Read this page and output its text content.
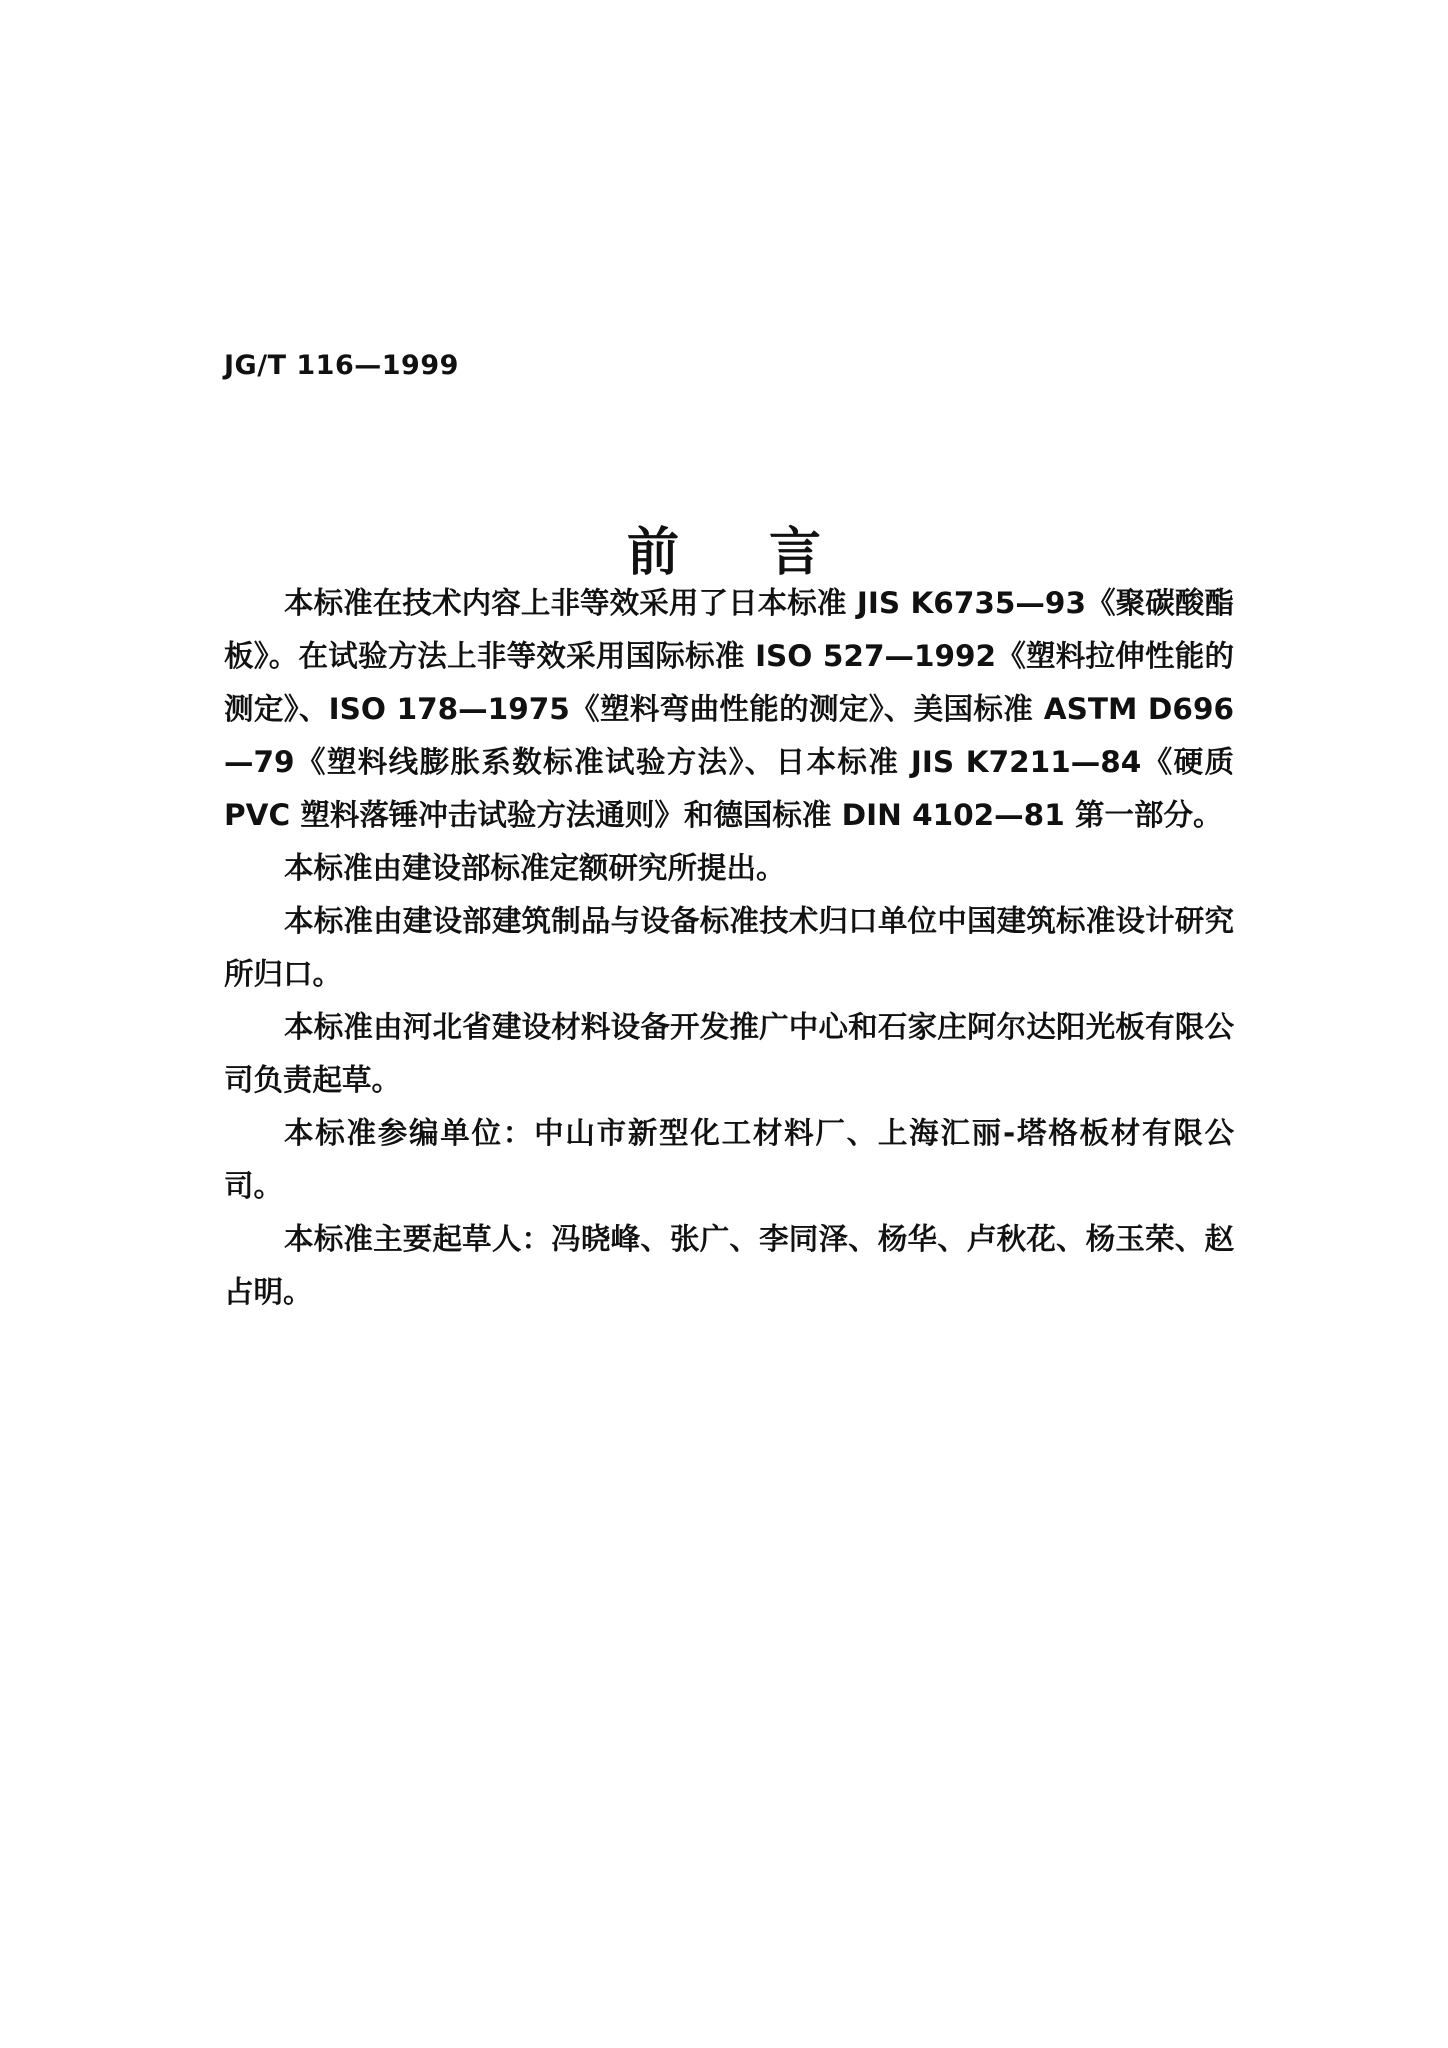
JG/T 116—1999
前言

本标准在技术内容上非等效采用了日本标准 JIS K6735—93《聚碳酸酯板》。在试验方法上非等效采用国际标准 ISO 527—1992《塑料拉伸性能的测定》、ISO 178—1975《塑料弯曲性能的测定》、美国标准 ASTM D696—79《塑料线膨胀系数标准试验方法》、日本标准 JIS K7211—84《硬质 PVC 塑料落锤冲击试验方法通则》和德国标准 DIN 4102—81 第一部分。

本标准由建设部标准定额研究所提出。

本标准由建设部建筑制品与设备标准技术归口单位中国建筑标准设计研究所归口。

本标准由河北省建设材料设备开发推广中心和石家庄阿尔达阳光板有限公司负责起草。

本标准参编单位：中山市新型化工材料厂、上海汇丽-塔格板材有限公司。

本标准主要起草人：冯晓峰、张广、李同泽、杨华、卢秋花、杨玉荣、赵占明。
